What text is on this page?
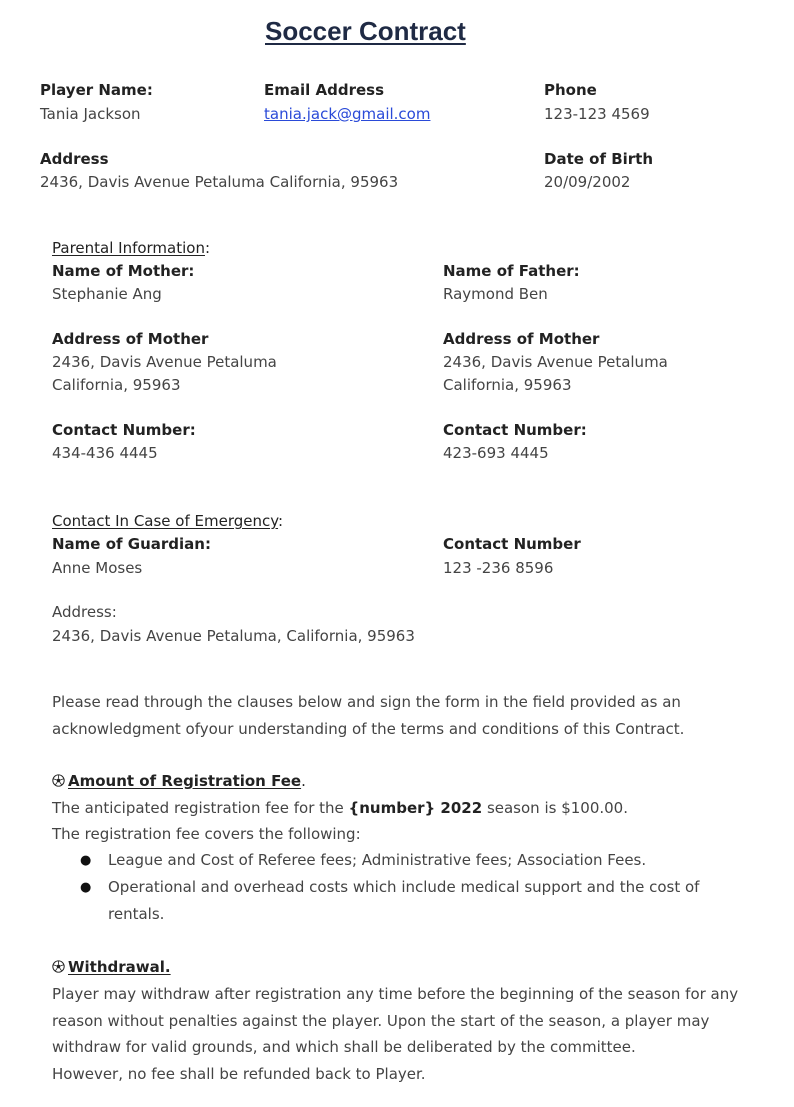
Soccer Contract
Player Name:
Tania Jackson
Email Address
tania.jack@gmail.com
Phone
123-123 4569
Address
2436, Davis Avenue Petaluma California, 95963
Date of Birth
20/09/2002
Parental Information:
Name of Mother:
Stephanie Ang
Name of Father:
Raymond Ben
Address of Mother
2436, Davis Avenue Petaluma
California, 95963
Address of Mother
2436, Davis Avenue Petaluma
California, 95963
Contact Number:
434-436 4445
Contact Number:
423-693 4445
Contact In Case of Emergency:
Name of Guardian:
Anne Moses
Contact Number
123 -236 8596
Address:
2436, Davis Avenue Petaluma, California, 95963
Please read through the clauses below and sign the form in the field provided as an
acknowledgment ofyour understanding of the terms and conditions of this Contract.
Amount of Registration Fee.
The anticipated registration fee for the {number} 2022 season is $100.00.
The registration fee covers the following:
● League and Cost of Referee fees; Administrative fees; Association Fees.
● Operational and overhead costs which include medical support and the cost of
rentals.
Withdrawal.
Player may withdraw after registration any time before the beginning of the season for any
reason without penalties against the player. Upon the start of the season, a player may
withdraw for valid grounds, and which shall be deliberated by the committee.
However, no fee shall be refunded back to Player.
